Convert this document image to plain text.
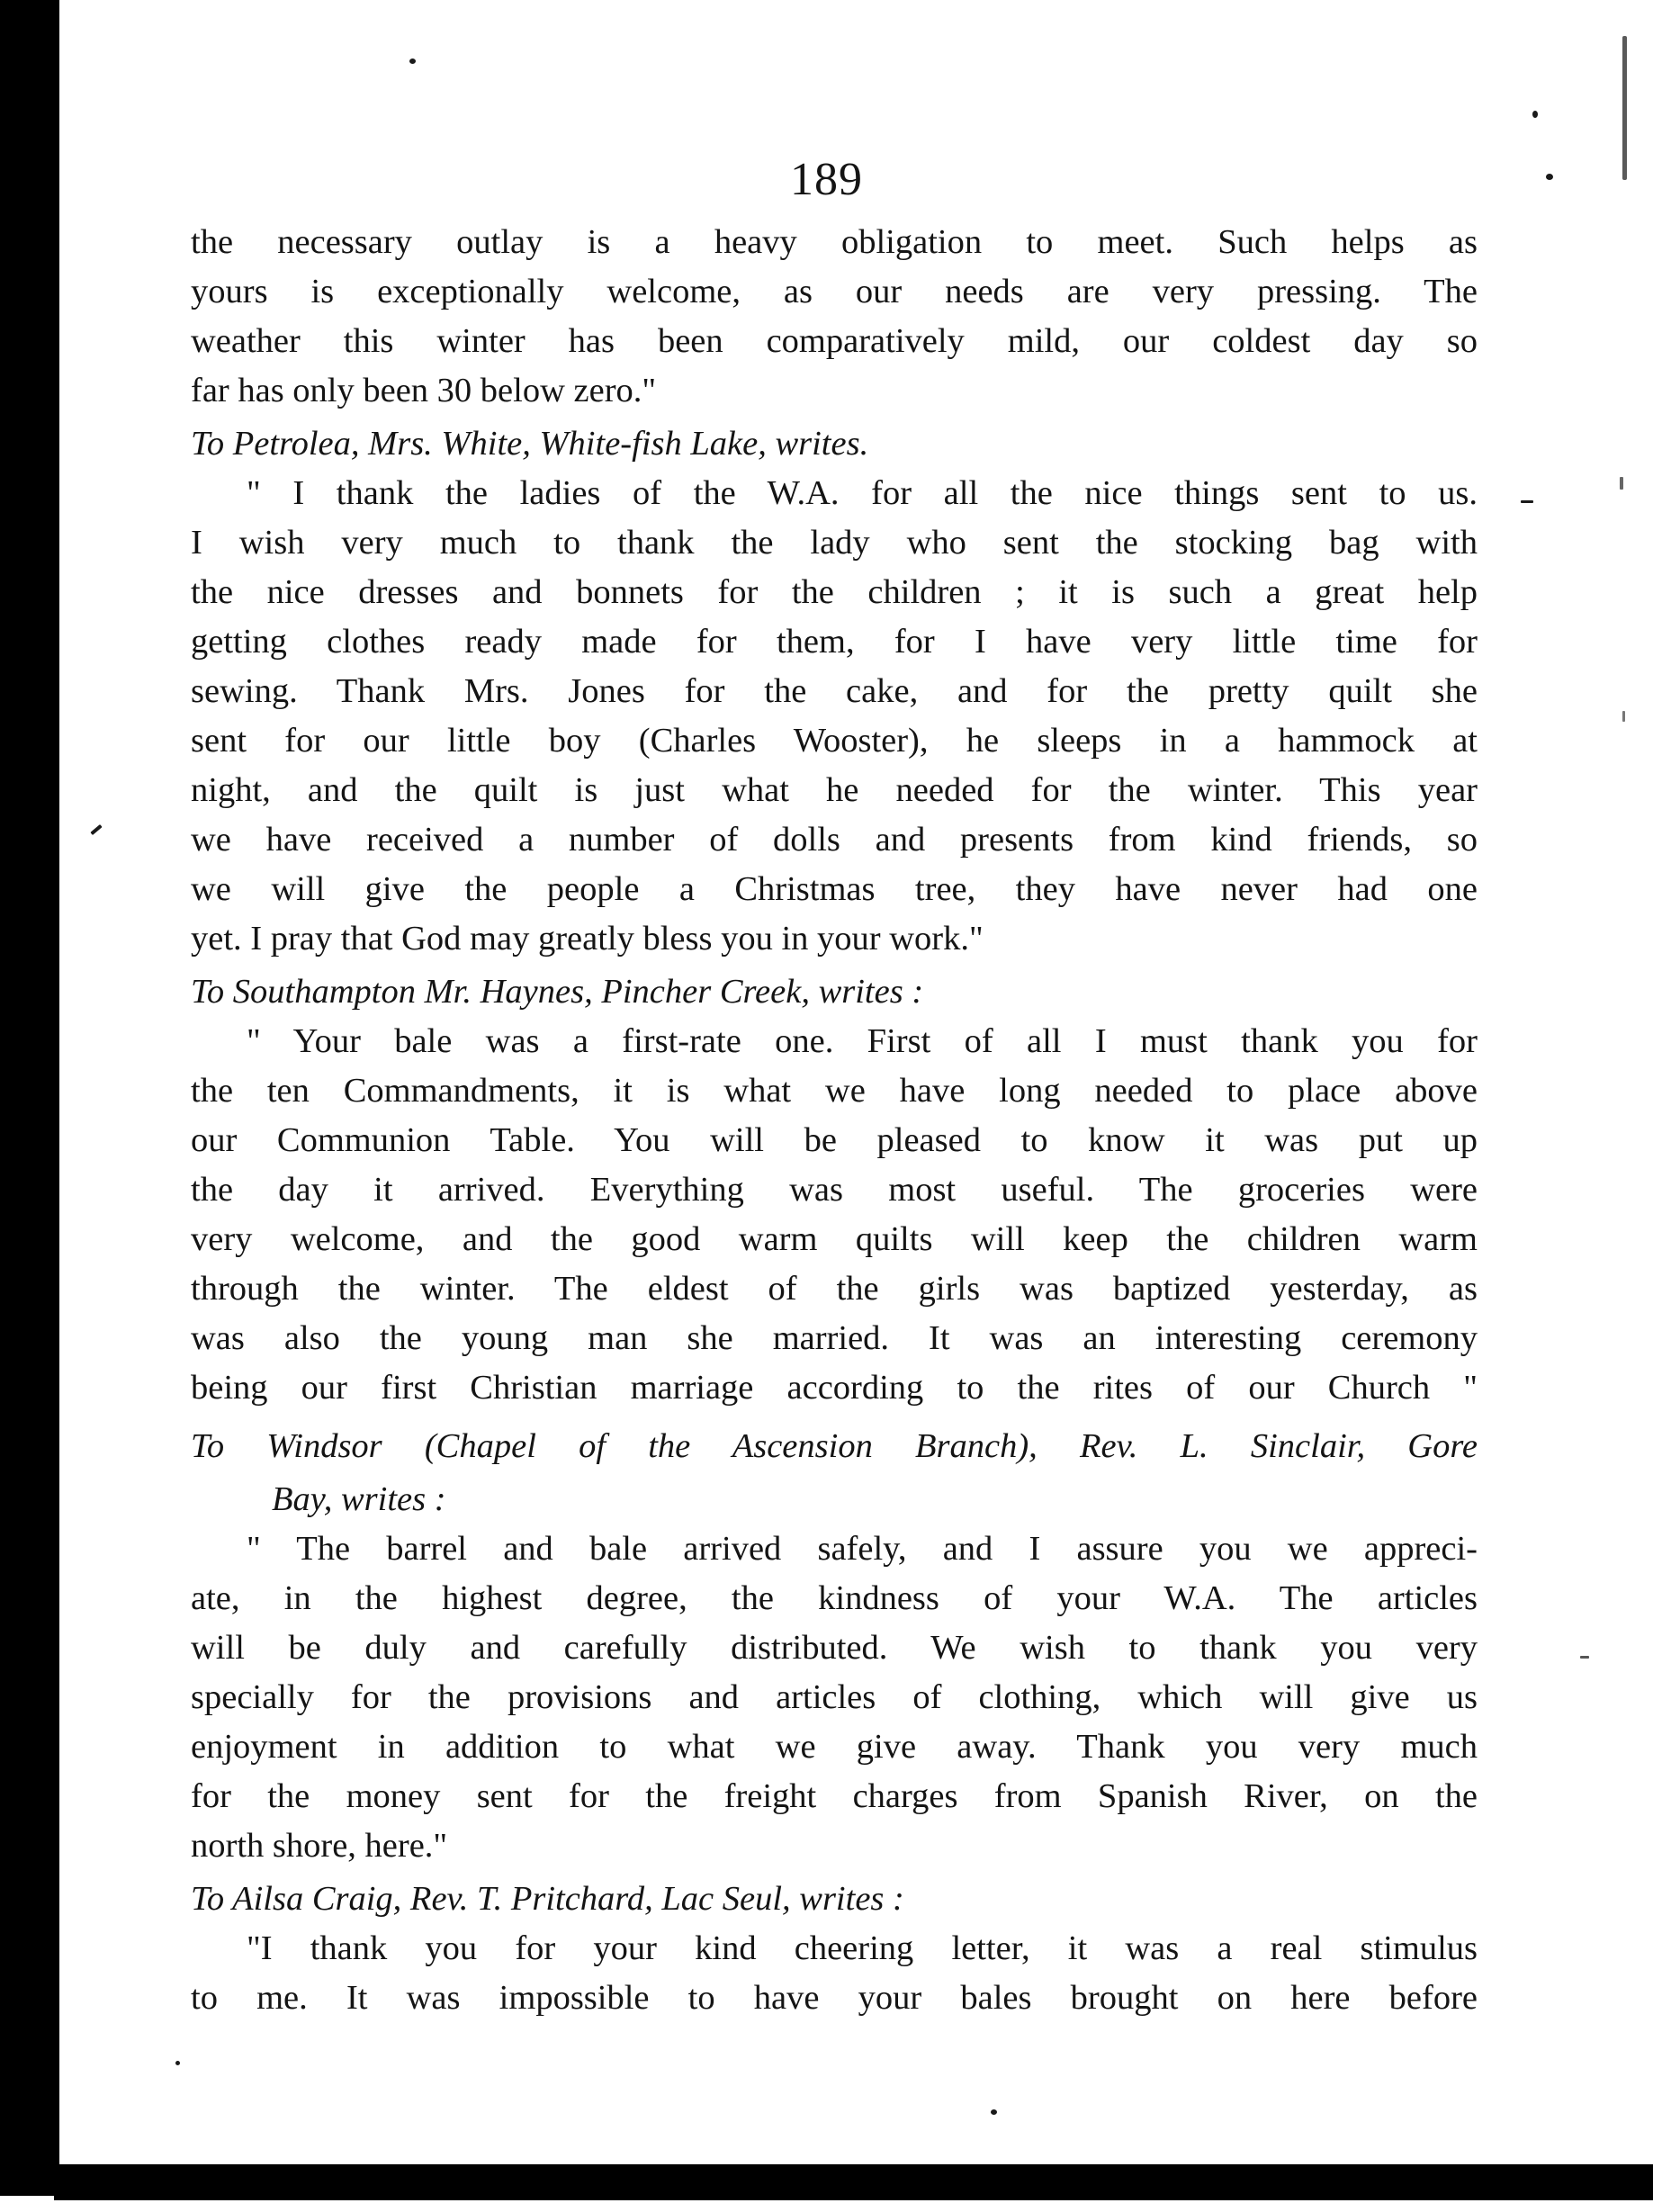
189
the necessary outlay is a heavy obligation to meet. Such helps as
yours is exceptionally welcome, as our needs are very pressing. The
weather this winter has been comparatively mild, our coldest day so
far has only been 30 below zero."
To Petrolea, Mrs. White, White-fish Lake, writes.
" I thank the ladies of the W.A. for all the nice things sent to us.
I wish very much to thank the lady who sent the stocking bag with
the nice dresses and bonnets for the children ; it is such a great help
getting clothes ready made for them, for I have very little time for
sewing. Thank Mrs. Jones for the cake, and for the pretty quilt she
sent for our little boy (Charles Wooster), he sleeps in a hammock at
night, and the quilt is just what he needed for the winter. This year
we have received a number of dolls and presents from kind friends, so
we will give the people a Christmas tree, they have never had one
yet. I pray that God may greatly bless you in your work."
To Southampton Mr. Haynes, Pincher Creek, writes :
" Your bale was a first-rate one. First of all I must thank you for
the ten Commandments, it is what we have long needed to place above
our Communion Table. You will be pleased to know it was put up
the day it arrived. Everything was most useful. The groceries were
very welcome, and the good warm quilts will keep the children warm
through the winter. The eldest of the girls was baptized yesterday, as
was also the young man she married. It was an interesting ceremony
being our first Christian marriage according to the rites of our Church "
To Windsor (Chapel of the Ascension Branch), Rev. L. Sinclair, Gore
Bay, writes :
" The barrel and bale arrived safely, and I assure you we appreci-
ate, in the highest degree, the kindness of your W.A. The articles
will be duly and carefully distributed. We wish to thank you very
specially for the provisions and articles of clothing, which will give us
enjoyment in addition to what we give away. Thank you very much
for the money sent for the freight charges from Spanish River, on the
north shore, here."
To Ailsa Craig, Rev. T. Pritchard, Lac Seul, writes :
"I thank you for your kind cheering letter, it was a real stimulus
to me. It was impossible to have your bales brought on here before
